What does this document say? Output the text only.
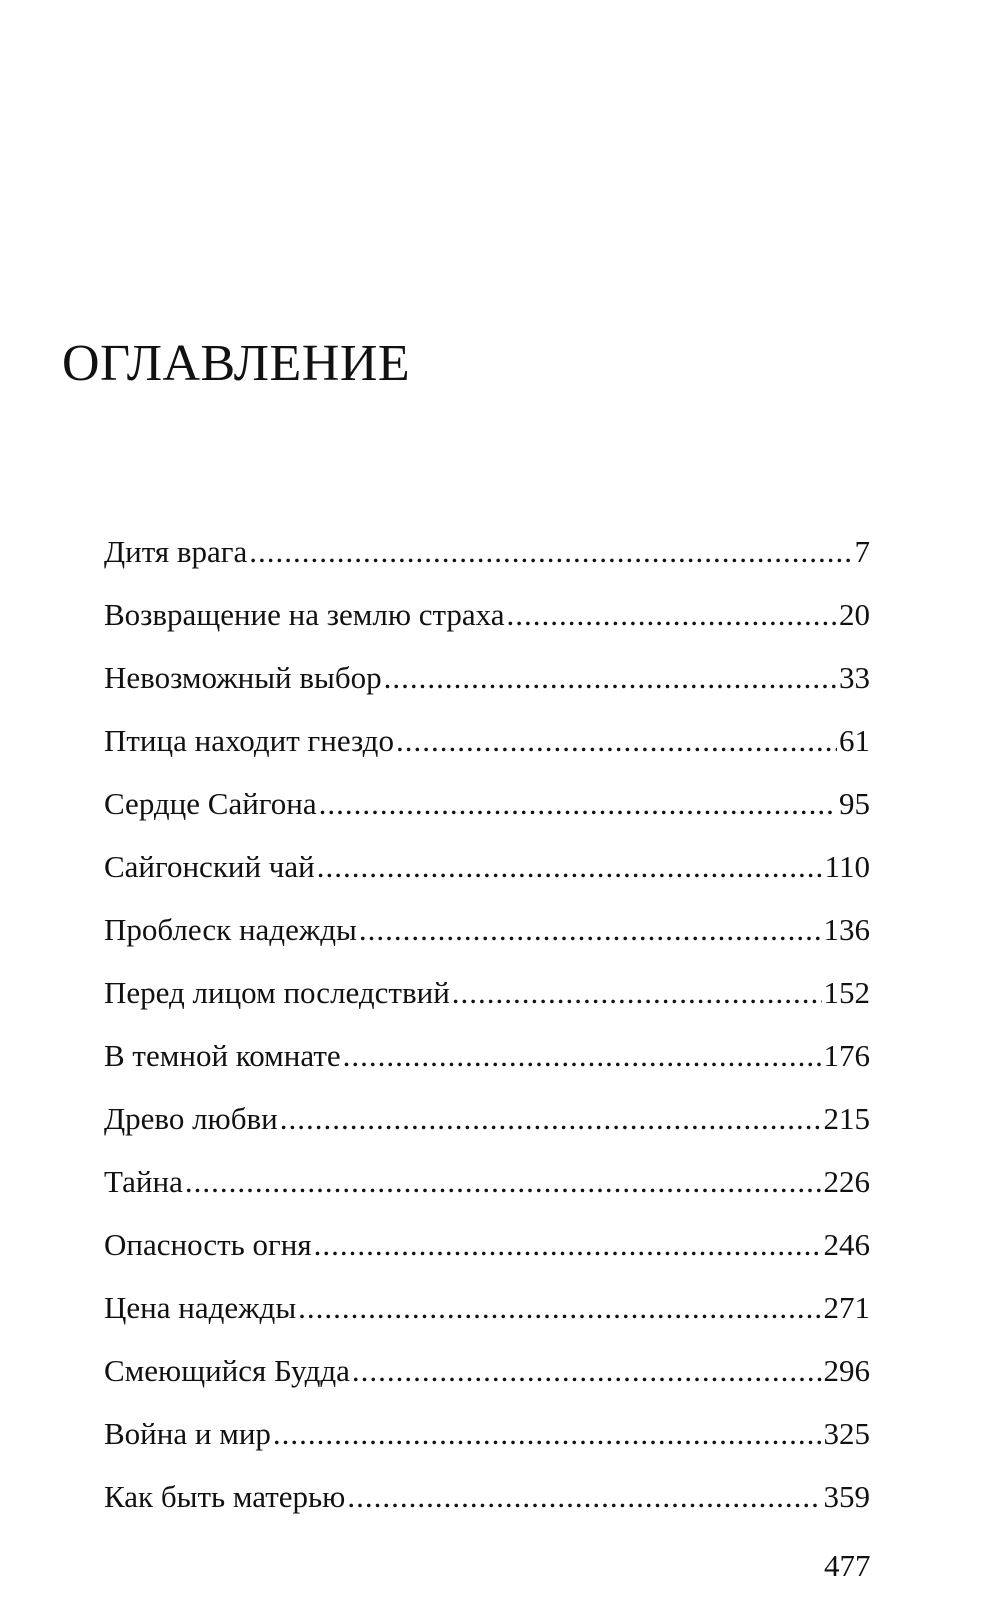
ОГЛАВЛЕНИЕ
Дитя врага .....	7
Возвращение на землю страха .....	20
Невозможный выбор .....	33
Птица находит гнездо .....	61
Сердце Сайгона .....	95
Сайгонский чай .....	110
Проблеск надежды .....	136
Перед лицом последствий .....	152
В темной комнате .....	176
Древо любви .....	215
Тайна .....	226
Опасность огня .....	246
Цена надежды .....	271
Смеющийся Будда .....	296
Война и мир .....	325
Как быть матерью .....	359
477
